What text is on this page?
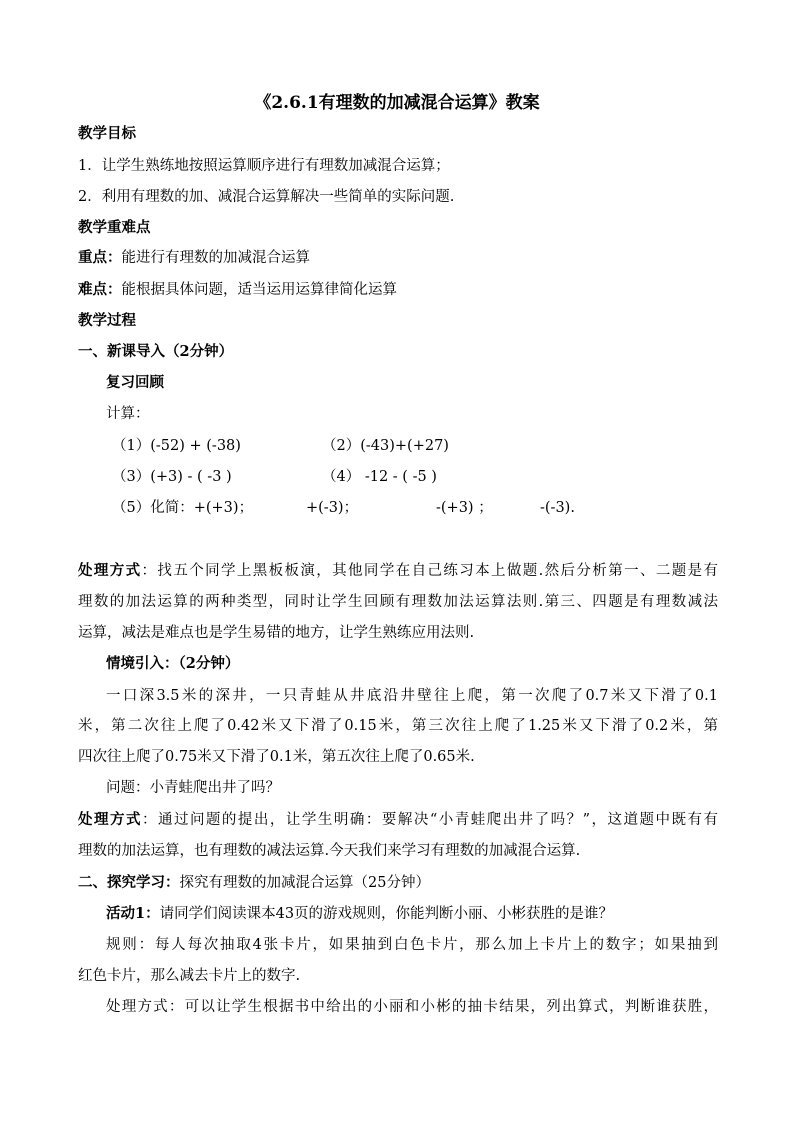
《2.6.1有理数的加减混合运算》教案
教学目标
1．让学生熟练地按照运算顺序进行有理数加减混合运算；
2．利用有理数的加、减混合运算解决一些简单的实际问题.
教学重难点
重点：能进行有理数的加减混合运算
难点：能根据具体问题，适当运用运算律简化运算
教学过程
一、新课导入（2分钟）
复习回顾
计算：
（1）(-52) + (-38)	（2）(-43)+(+27)
（3）(+3) - ( -3 )	（4） -12 - ( -5 )
（5）化简：+(+3)；	+(-3)；	-(+3) ；	-(-3).
处理方式：找五个同学上黑板板演，其他同学在自己练习本上做题.然后分析第一、二题是有
理数的加法运算的两种类型，同时让学生回顾有理数加法运算法则.第三、四题是有理数减法
运算，减法是难点也是学生易错的地方，让学生熟练应用法则.
情境引入：（2分钟）
一口深3.5米的深井，一只青蛙从井底沿井壁往上爬，第一次爬了0.7米又下滑了0.1
米，第二次往上爬了0.42米又下滑了0.15米，第三次往上爬了1.25米又下滑了0.2米，第
四次往上爬了0.75米又下滑了0.1米，第五次往上爬了0.65米.
问题：小青蛙爬出井了吗？
处理方式：通过问题的提出，让学生明确：要解决“小青蛙爬出井了吗？”，这道题中既有有
理数的加法运算，也有理数的减法运算.今天我们来学习有理数的加减混合运算.
二、探究学习：探究有理数的加减混合运算（25分钟）
活动1：请同学们阅读课本43页的游戏规则，你能判断小丽、小彬获胜的是谁？
规则：每人每次抽取4张卡片，如果抽到白色卡片，那么加上卡片上的数字；如果抽到
红色卡片，那么减去卡片上的数字.
处理方式：可以让学生根据书中给出的小丽和小彬的抽卡结果，列出算式，判断谁获胜，
